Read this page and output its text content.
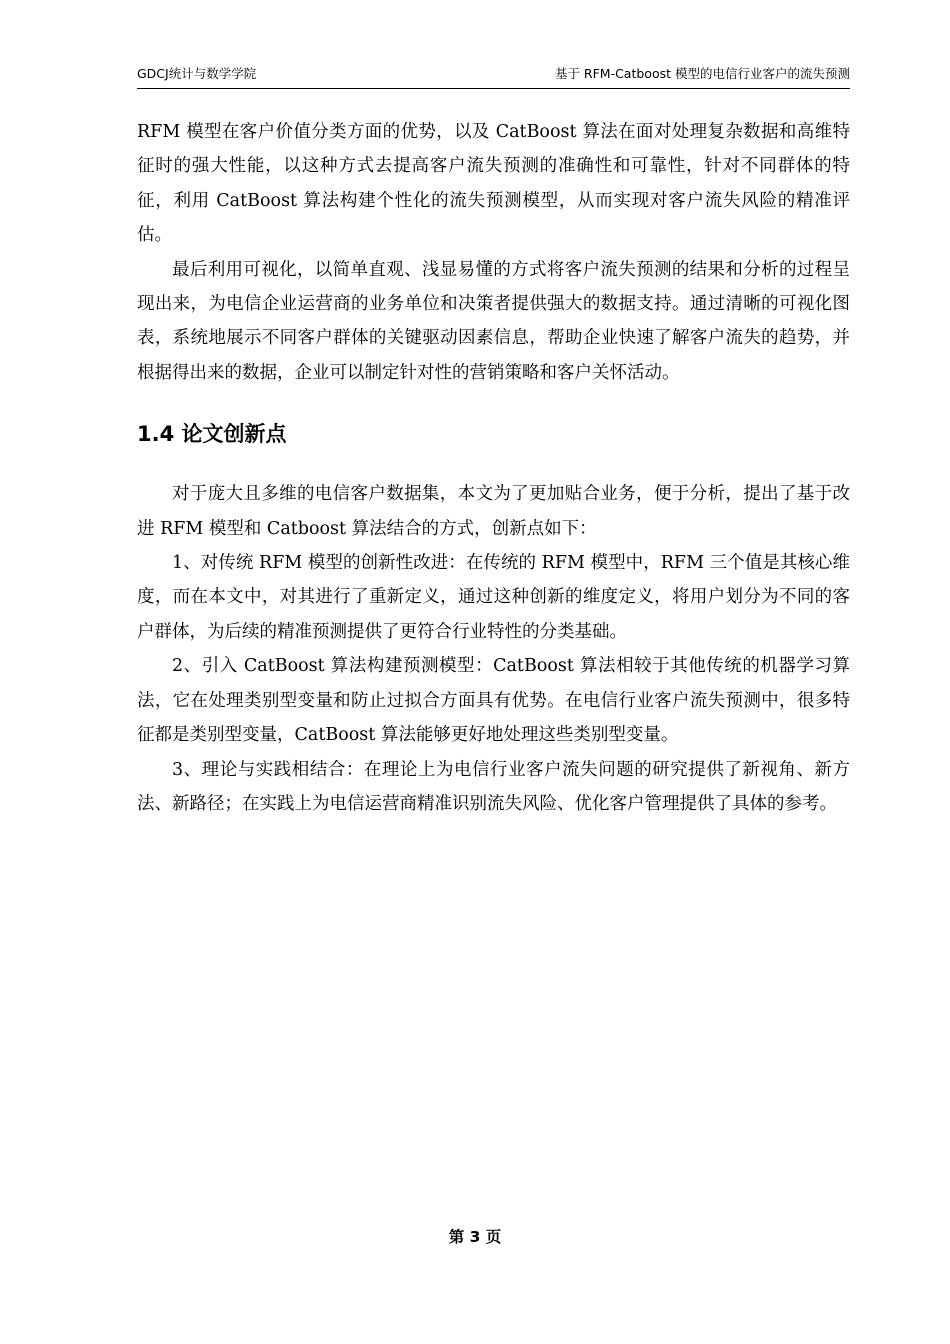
GDCJ统计与数学学院	基于 RFM-Catboost 模型的电信行业客户的流失预测

RFM 模型在客户价值分类方面的优势，以及 CatBoost 算法在面对处理复杂数据和高维特征时的强大性能，以这种方式去提高客户流失预测的准确性和可靠性，针对不同群体的特征，利用 CatBoost 算法构建个性化的流失预测模型，从而实现对客户流失风险的精准评估。

最后利用可视化，以简单直观、浅显易懂的方式将客户流失预测的结果和分析的过程呈现出来，为电信企业运营商的业务单位和决策者提供强大的数据支持。通过清晰的可视化图表，系统地展示不同客户群体的关键驱动因素信息，帮助企业快速了解客户流失的趋势，并根据得出来的数据，企业可以制定针对性的营销策略和客户关怀活动。

1.4 论文创新点

对于庞大且多维的电信客户数据集，本文为了更加贴合业务，便于分析，提出了基于改进 RFM 模型和 Catboost 算法结合的方式，创新点如下：

1、对传统 RFM 模型的创新性改进：在传统的 RFM 模型中，RFM 三个值是其核心维度，而在本文中，对其进行了重新定义，通过这种创新的维度定义，将用户划分为不同的客户群体，为后续的精准预测提供了更符合行业特性的分类基础。

2、引入 CatBoost 算法构建预测模型：CatBoost 算法相较于其他传统的机器学习算法，它在处理类别型变量和防止过拟合方面具有优势。在电信行业客户流失预测中，很多特征都是类别型变量，CatBoost 算法能够更好地处理这些类别型变量。

3、理论与实践相结合：在理论上为电信行业客户流失问题的研究提供了新视角、新方法、新路径；在实践上为电信运营商精准识别流失风险、优化客户管理提供了具体的参考。

第 3 页
